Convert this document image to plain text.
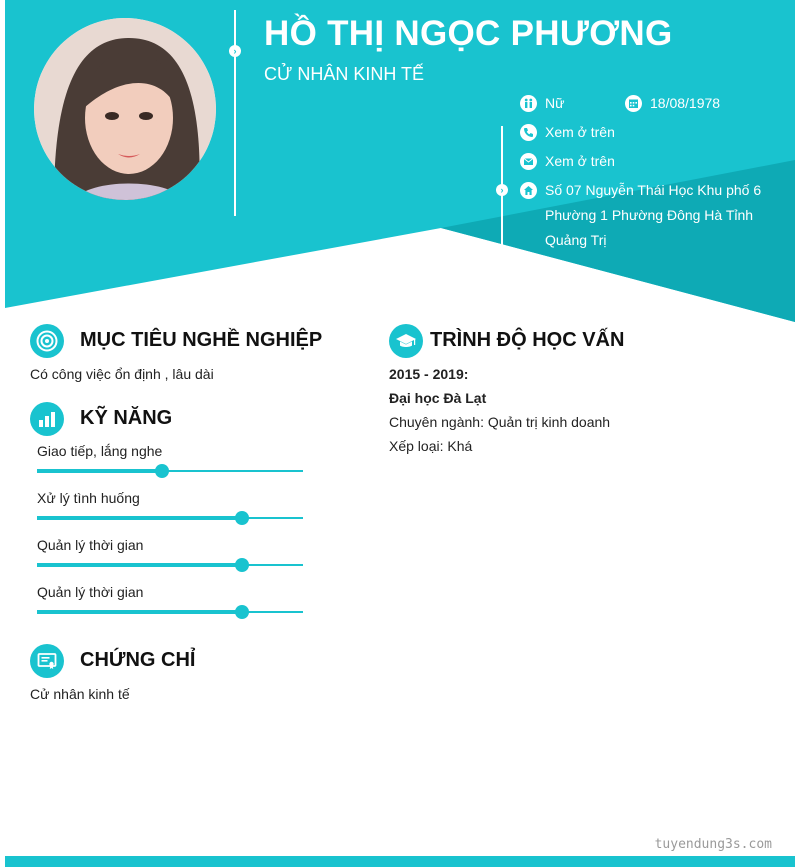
› HỒ THỊ NGỌC PHƯƠNG
CỬ NHÂN KINH TẾ
›
Nữ	18/08/1978
Xem ở trên
Xem ở trên
Số 07 Nguyễn Thái Học Khu phố 6
Phường 1 Phường Đông Hà Tỉnh
Quảng Trị
MỤC TIÊU NGHỀ NGHIỆP
Có công việc ổn định , lâu dài
KỸ NĂNG
Giao tiếp, lắng nghe
Xử lý tình huống
Quản lý thời gian
Quản lý thời gian
CHỨNG CHỈ
Cử nhân kinh tế
TRÌNH ĐỘ HỌC VẤN
2015 - 2019:
Đại học Đà Lạt
Chuyên ngành: Quản trị kinh doanh
Xếp loại: Khá
tuyendung3s.com
